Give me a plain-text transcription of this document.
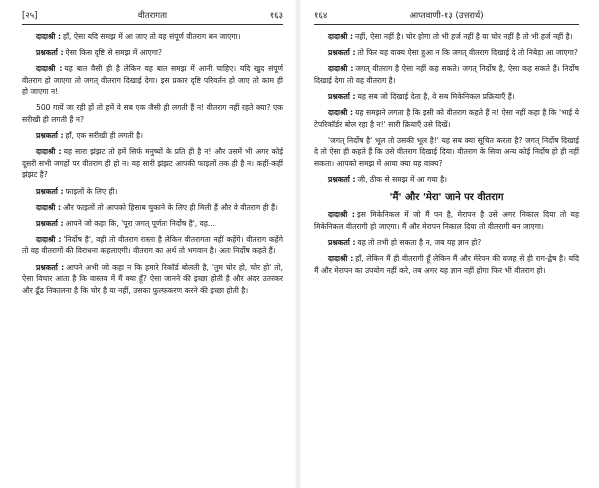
[२५]	वीतरागता	१६३

दादाश्री : हाँ, ऐसा यदि समझ में आ जाए तो वह संपूर्ण वीतराग बन जाएगा।

प्रश्नकर्ता : ऐसा किस दृष्टि से समझ में आएगा?

दादाश्री : यह बात वैसी ही है लेकिन वह बात समझ में आनी चाहिए। यदि खुद संपूर्ण वीतराग हो जाएगा तो जगत् वीतराग दिखाई देगा। इस प्रकार दृष्टि परिवर्तन हो जाए तो काम ही हो जाएगा न!

500 गायें जा रही हों तो हमें वे सब एक जैसी ही लगती हैं न! वीतराग नहीं रहते क्या? एक सरीखी ही लगती हैं न?

प्रश्नकर्ता : हाँ, एक सरीखी ही लगती है।

दादाश्री : यह सारा झंझट तो हमें सिर्फ मनुष्यों के प्रति ही है न! और उसमें भी अगर कोई दूसरी सभी जगहों पर वीतराग ही हो न। यह सारी झंझट आपकी फाइलों तक ही है न। कहीं-कहीं झंझट है?

प्रश्नकर्ता : फाइलों के लिए ही।

दादाश्री : और फाइलों तो आपको हिसाब चुकाने के लिए ही मिली हैं और वे वीतराग ही हैं।

प्रश्नकर्ता : आपने जो कहा कि, 'पूरा जगत् पूर्णतः निर्दोष है', वह...

दादाश्री : 'निर्दोष है', वही तो वीतराग रास्ता है लेकिन वीतरागता नहीं कहेंगे। वीतराग कहेंगे तो वह वीतरागों की विराधना कहलाएगी। वीतराग का अर्थ तो भगवान है। अतः निर्दोष कहते हैं।

प्रश्नकर्ता : आपने अभी जो कहा न कि हमारे रिकॉर्ड बोलती है, 'तुम चोर हो, चोर हो' तो, ऐसा विचार आता है कि वास्तव में मैं क्या हूँ? ऐसा जानने की इच्छा होती है और अंदर उतरकर और ढूँढ निकालना है कि चोर है या नहीं, उसका फ़ुल्फ़करण करने की इच्छा होती है।

१६४	आप्तवाणी-१३ (उत्तरार्ध)

दादाश्री : नहीं, ऐसा नहीं है। चोर होगा तो भी हर्ज नहीं है या चोर नहीं है तो भी हर्ज नहीं है।

प्रश्नकर्ता : तो फिर यह वाक्य ऐसा हुआ न कि जगत् वीतराग दिखाई दे तो निबेड़ा आ जाएगा?

दादाश्री : जगत् वीतराग है ऐसा नहीं कह सकते। जगत् निर्दोष है, ऐसा कह सकते हैं। निर्दोष दिखाई देगा तो वह वीतराग है।

प्रश्नकर्ता : यह सब जो दिखाई देता है, वे सब मिकेनिकल प्रक्रियाएँ हैं।

दादाश्री : यह समझने लगता है कि इसी को वीतराग कहते हैं न! ऐसा नहीं कहा है कि 'भाई ये टेपरिकॉर्डर बोल रहा है न!' सारी क्रियाएँ उसे दिखें।

'जगत् निर्दोष है' भूल तो उसकी भूल है!' यह सब क्या सूचित करता है? जगत् निर्दोष दिखाई दे तो ऐसा ही कहते हैं कि उसे वीतराग दिखाई दिया। वीतराग के सिवा अन्य कोई निर्दोष हो ही नहीं सकता। आपको समझ में आया क्या यह वाक्य?

प्रश्नकर्ता : जी, ठीक से समझ में आ गया है।

'मैं' और 'मेरा' जाने पर वीतराग

दादाश्री : इस मिकेनिकल में जो मैं पन है, मेरापन है उसे अगर निकाल दिया तो यह मिकेनिकल वीतरागी हो जाएगा। मैं और मेरापन निकाल दिया तो वीतरागी बन जाएगा।

प्रश्नकर्ता : वह तो तभी हो सकता है न, जब यह ज्ञान हो?

दादाश्री : हाँ, लेकिन मैं ही वीतरागी हूँ लेकिन मैं और मेरेपन की वजह से ही राग-द्वेष है। यदि मैं और मेरापन का उपयोग नहीं करे, तब अगर यह ज्ञान नहीं होगा फिर भी वीतराग हो।
